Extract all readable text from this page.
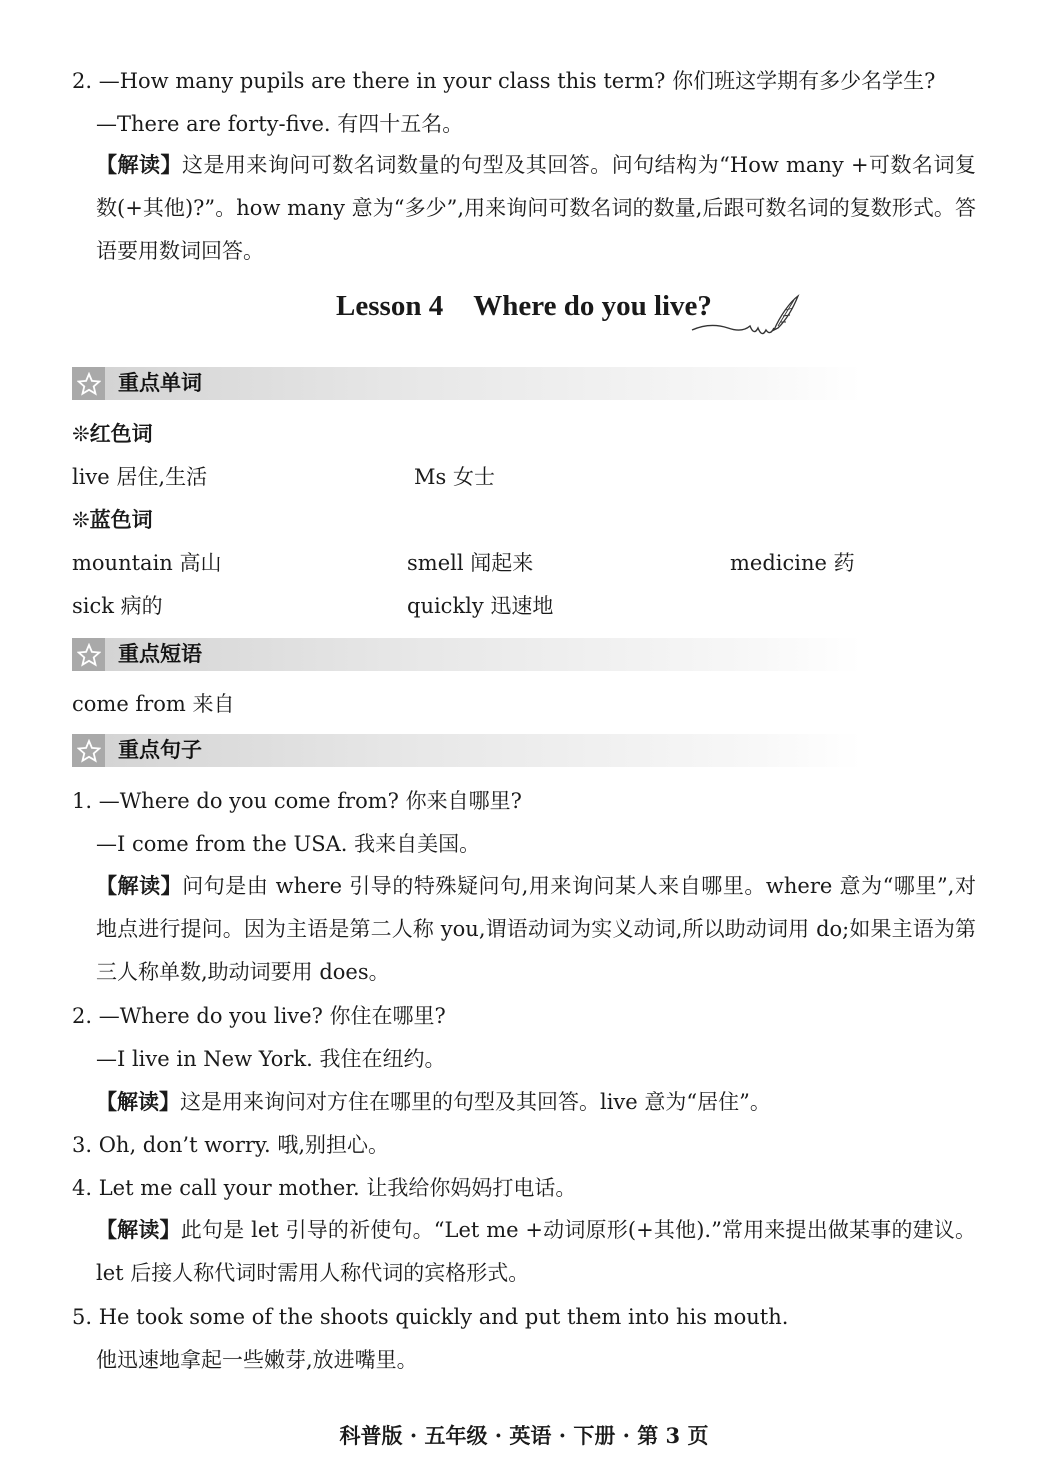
2. —How many pupils are there in your class this term? 你们班这学期有多少名学生?
—There are forty-five. 有四十五名。
【解读】这是用来询问可数名词数量的句型及其回答。问句结构为“How many +可数名词复数(+其他)?”。how many 意为“多少”,用来询问可数名词的数量,后跟可数名词的复数形式。答语要用数词回答。
Lesson 4 Where do you live?
重点单词
❊红色词
live 居住,生活	Ms 女士
❊蓝色词
mountain 高山	smell 闻起来	medicine 药
sick 病的	quickly 迅速地
重点短语
come from 来自
重点句子
1. —Where do you come from? 你来自哪里?
—I come from the USA. 我来自美国。
【解读】问句是由 where 引导的特殊疑问句,用来询问某人来自哪里。where 意为“哪里”,对地点进行提问。因为主语是第二人称 you,谓语动词为实义动词,所以助动词用 do;如果主语为第三人称单数,助动词要用 does。
2. —Where do you live? 你住在哪里?
—I live in New York. 我住在纽约。
【解读】这是用来询问对方住在哪里的句型及其回答。live 意为“居住”。
3. Oh, don’t worry. 哦,别担心。
4. Let me call your mother. 让我给你妈妈打电话。
【解读】此句是 let 引导的祈使句。“Let me +动词原形(+其他).”常用来提出做某事的建议。let 后接人称代词时需用人称代词的宾格形式。
5. He took some of the shoots quickly and put them into his mouth.
他迅速地拿起一些嫩芽,放进嘴里。
科普版 · 五年级 · 英语 · 下册 · 第 3 页
